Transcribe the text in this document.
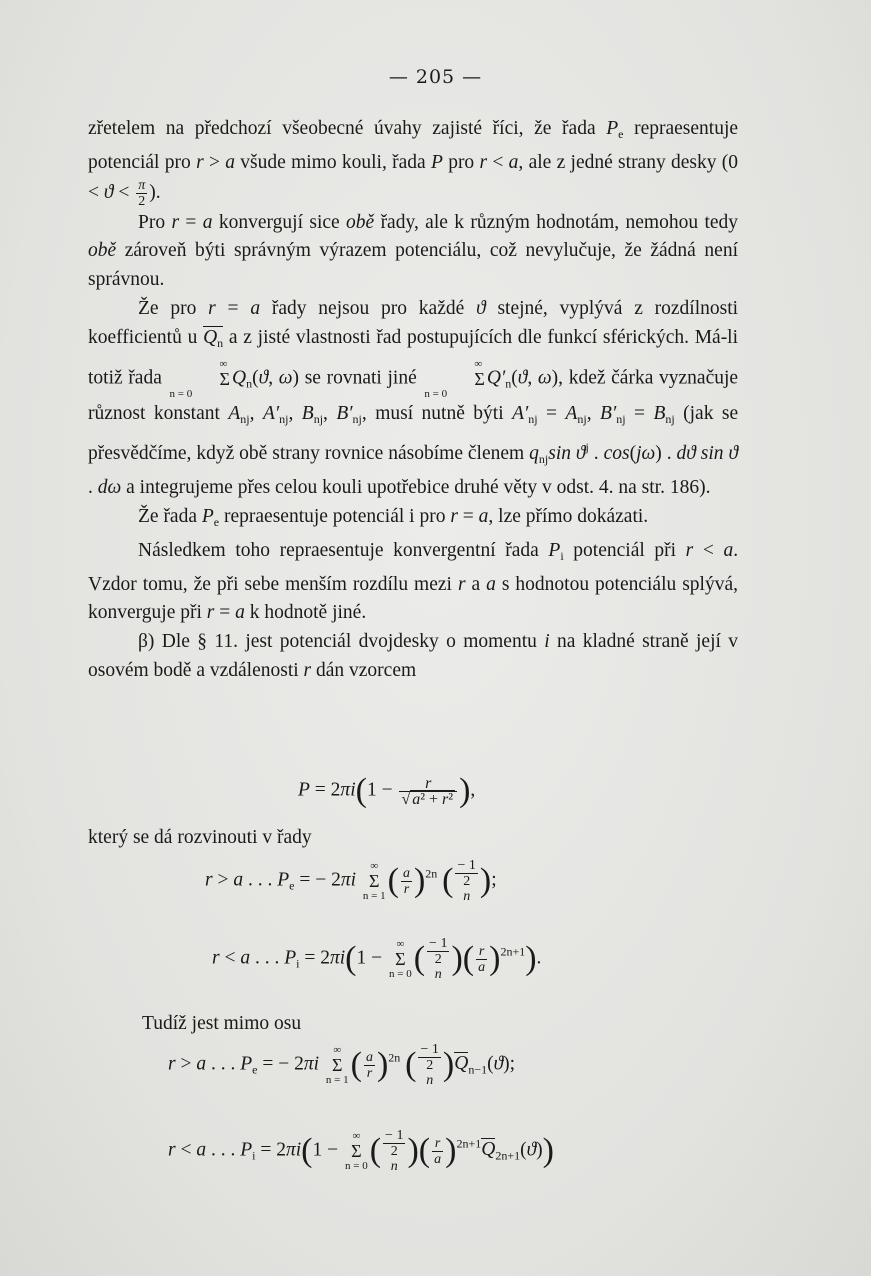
— 205 —

zřetelem na předchozí všeobecné úvahy zajisté říci, že řada $P_e$ repraesentuje potenciál pro r > a všude mimo kouli, řada P pro r < a, ale z jedné strany desky ($0 < ϑ < \frac{\pi}{2}$ ).

Pro r = a konvergují sice obě řady, ale k různým hodnotám, nemohou tedy obě zároveň býti správným výrazem potenciálu, což nevylučuje, že žádná není správnou.

Že pro r = a řady nejsou pro každé ϑ stejné, vyplývá z rozdílnosti koefficientů u $Q_n$ a z jisté vlastnosti řad postupujících dle funkcí sférických. Má-li totiž řada ∞
Σ
$n = 0Q_n(ϑ$, ω) se rovnati jiné ∞
Σ
$n = 0Q'_n(ϑ$, ω), kdež čárka vyznačuje různost konstant $A_{nj}$, $A'_{nj}$, $B_{nj}$, $B'_{nj}$, musí nutně býti $A'_{nj} = A_{nj}$, $B'_{nj} = B_{nj}$ (jak se přesvědčíme, když obě strany rovnice násobíme členem $q_{nj}\sin$ $ϑ^j$ . cos(jω) . dϑ sin ϑ . dω a integrujeme přes celou kouli upotřebice druhé věty v odst. 4. na str. 186).

Že řada $P_e$ repraesentuje potenciál i pro r = a, lze přímo dokázati.

Následkem toho repraesentuje konvergentní řada $P_i$ potenciál při r < a. Vzdor tomu, že při sebe menším rozdílu mezi r a a s hodnotou potenciálu splývá, konverguje při r = a k hodnotě jiné.

β) Dle § 11. jest potenciál dvojdesky o momentu i na kladné straně její v osovém bodě a vzdálenosti r dán vzorcem

$P = 2\pi i(1 - \frac{r}{\text{√ a² + r²}}$ ),

který se dá rozvinouti v řady

r > a . . . $P_e$ = − 2πi ∞
Σ
$n = 1( \frac{a}{r} )^{2n}$ ( − 1
2
n );
r < a . . . $P_i = 2\pi i(1$ − ∞
Σ
n = 0( − 1
2
n )( $\frac{r}{a} )^{2n+1}$).

Tudíž jest mimo osu

r > a . . . $P_e$ = − 2πi ∞
Σ
$n = 1( \frac{a}{r} )^{2n}$ ( − 1
2
n )$Q_{n-1}(ϑ)$;
r < a . . . $P_i = 2\pi i(1$ − ∞
Σ
n = 0( − 1
2
n )( $\frac{r}{a} )^{2n+1}Q_{2n+1}(ϑ)$)
